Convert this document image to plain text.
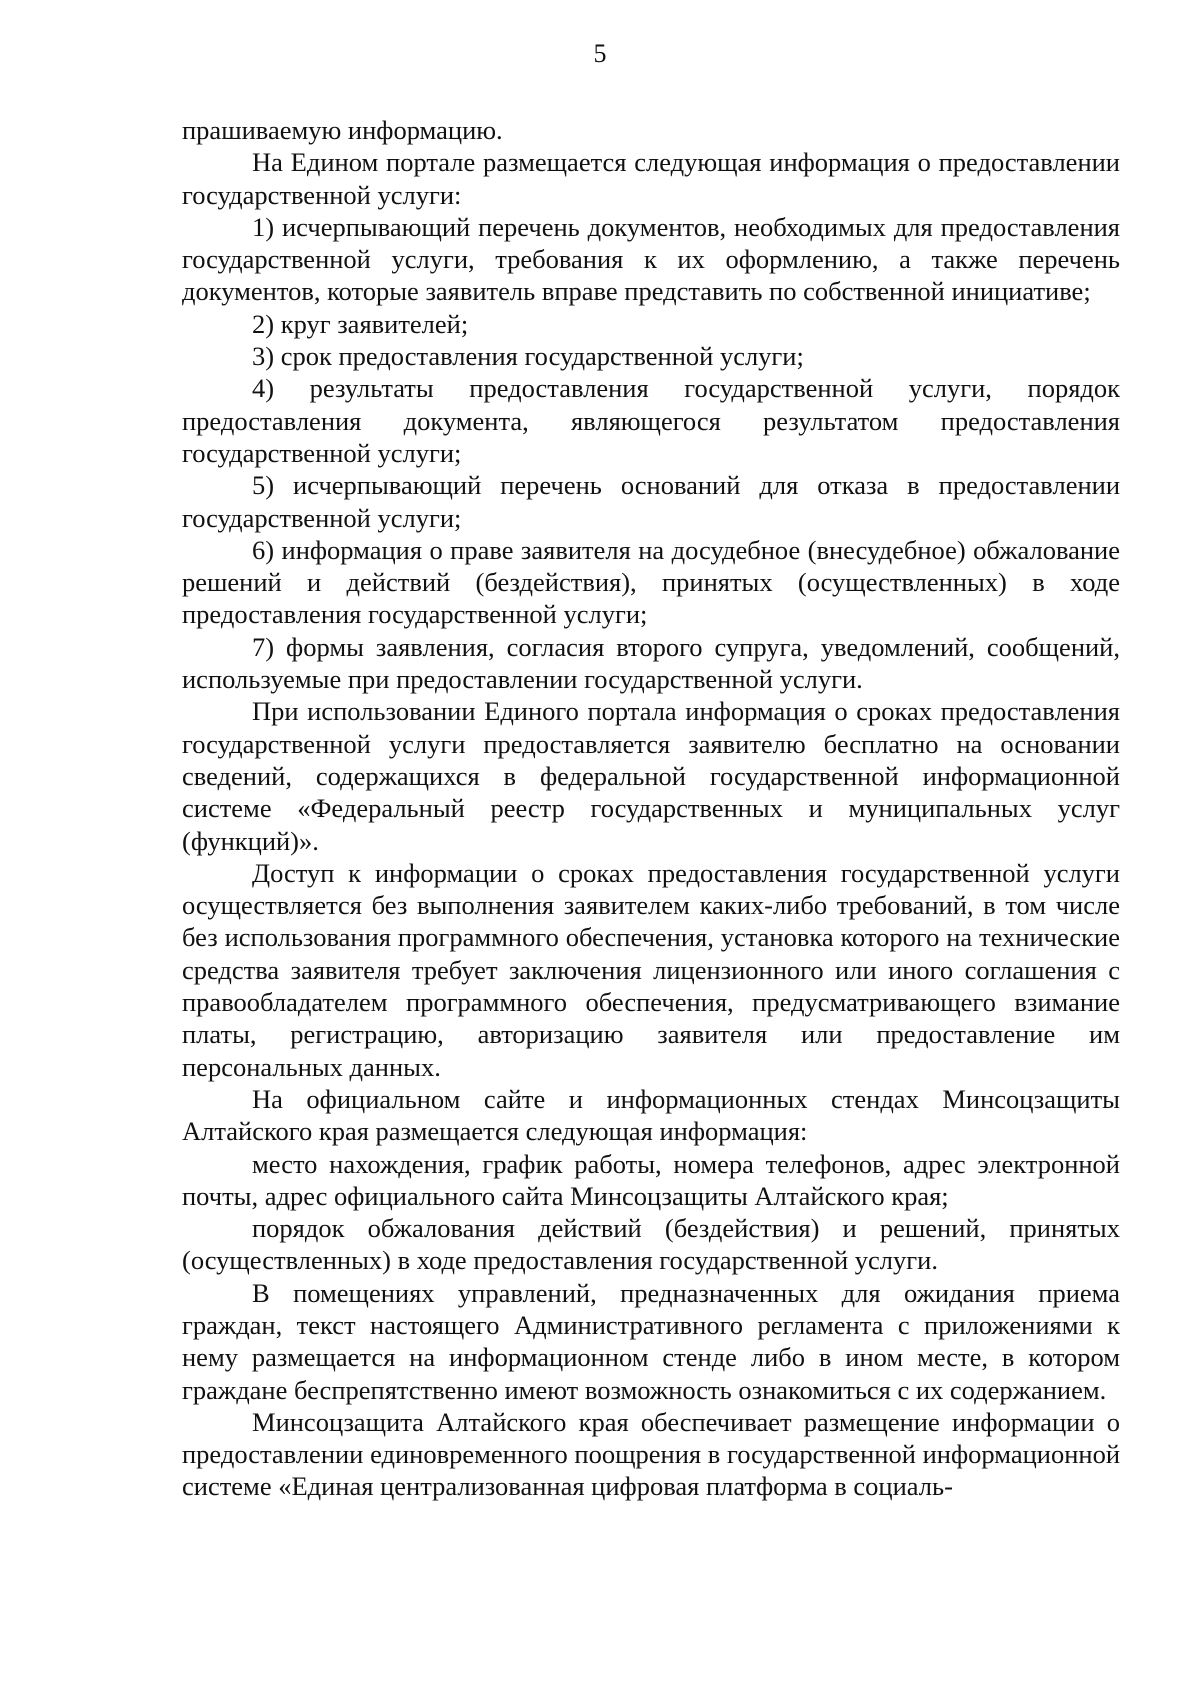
5

прашиваемую информацию.

На Едином портале размещается следующая информация о предоставлении государственной услуги:

1) исчерпывающий перечень документов, необходимых для предоставления государственной услуги, требования к их оформлению, а также перечень документов, которые заявитель вправе представить по собственной инициативе;

2) круг заявителей;

3) срок предоставления государственной услуги;

4) результаты предоставления государственной услуги, порядок предоставления документа, являющегося результатом предоставления государственной услуги;

5) исчерпывающий перечень оснований для отказа в предоставлении государственной услуги;

6) информация о праве заявителя на досудебное (внесудебное) обжалование решений и действий (бездействия), принятых (осуществленных) в ходе предоставления государственной услуги;

7) формы заявления, согласия второго супруга, уведомлений, сообщений, используемые при предоставлении государственной услуги.

При использовании Единого портала информация о сроках предоставления государственной услуги предоставляется заявителю бесплатно на основании сведений, содержащихся в федеральной государственной информационной системе «Федеральный реестр государственных и муниципальных услуг (функций)».

Доступ к информации о сроках предоставления государственной услуги осуществляется без выполнения заявителем каких-либо требований, в том числе без использования программного обеспечения, установка которого на технические средства заявителя требует заключения лицензионного или иного соглашения с правообладателем программного обеспечения, предусматривающего взимание платы, регистрацию, авторизацию заявителя или предоставление им персональных данных.

На официальном сайте и информационных стендах Минсоцзащиты Алтайского края размещается следующая информация:

место нахождения, график работы, номера телефонов, адрес электронной почты, адрес официального сайта Минсоцзащиты Алтайского края;

порядок обжалования действий (бездействия) и решений, принятых (осуществленных) в ходе предоставления государственной услуги.

В помещениях управлений, предназначенных для ожидания приема граждан, текст настоящего Административного регламента с приложениями к нему размещается на информационном стенде либо в ином месте, в котором граждане беспрепятственно имеют возможность ознакомиться с их содержанием.

Минсоцзащита Алтайского края обеспечивает размещение информации о предоставлении единовременного поощрения в государственной информационной системе «Единая централизованная цифровая платформа в социаль-
